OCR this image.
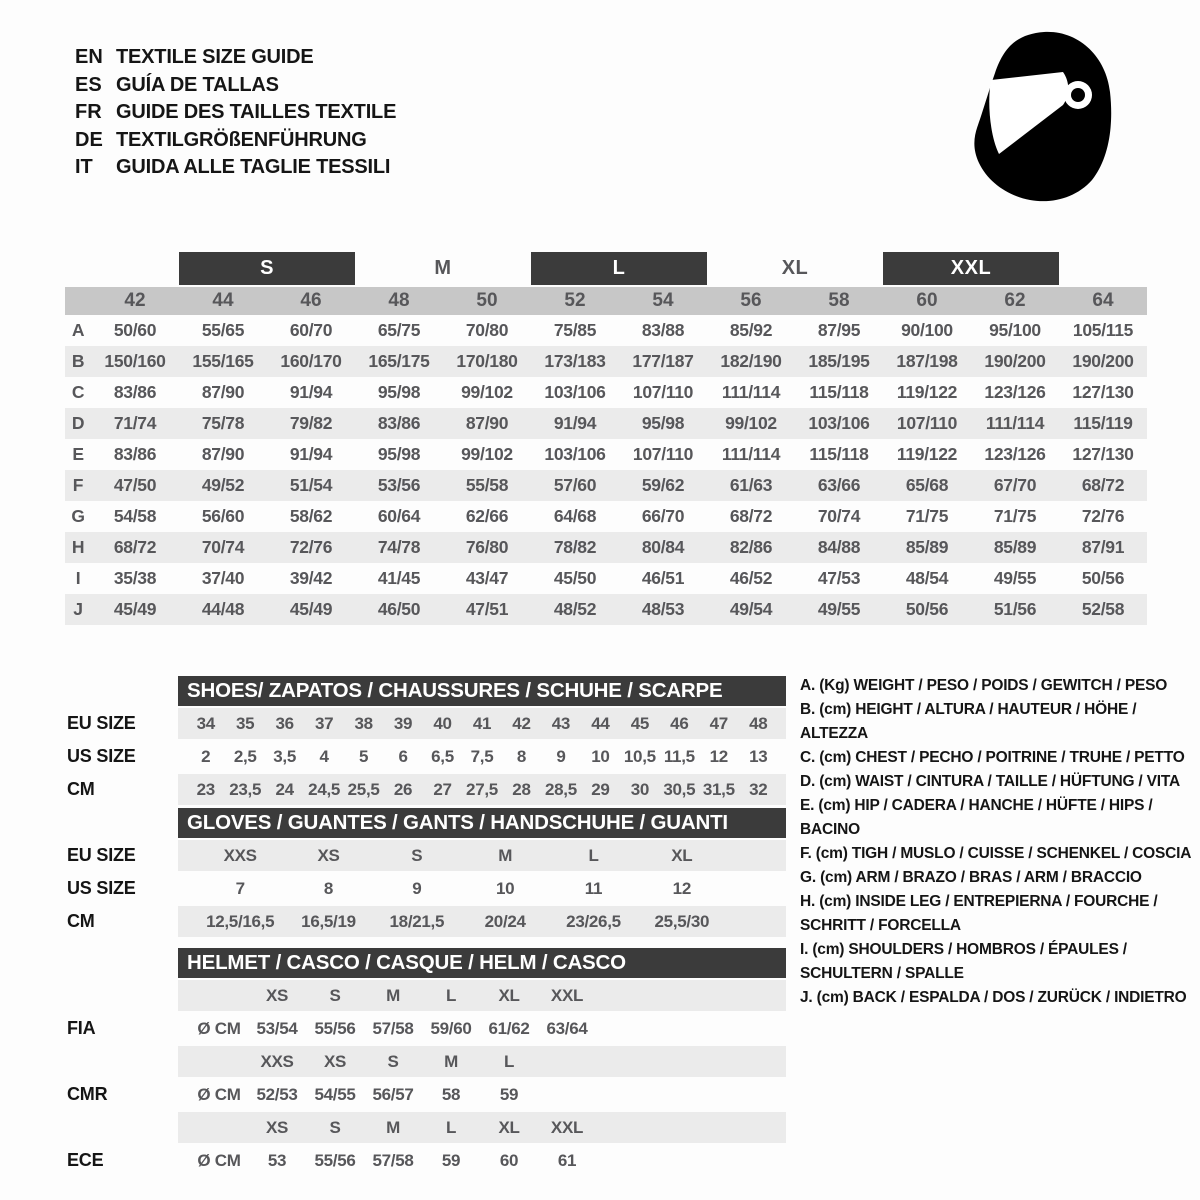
EN TEXTILE SIZE GUIDE
ES GUÍA DE TALLAS
FR GUIDE DES TAILLES TEXTILE
DE TEXTILGRÖßENFÜHRUNG
IT	GUIDA ALLE TAGLIE TESSILI
S	M	L	XL	XXL
42	44	46	48	50	52	54	56	58	60	62	64
A	50/60	55/65	60/70	65/75	70/80	75/85	83/88	85/92	87/95	90/100	95/100	105/115
B	150/160	155/165	160/170	165/175	170/180	173/183	177/187	182/190	185/195	187/198	190/200	190/200
C	83/86	87/90	91/94	95/98	99/102	103/106	107/110	111/114	115/118	119/122	123/126	127/130
D	71/74	75/78	79/82	83/86	87/90	91/94	95/98	99/102	103/106	107/110	111/114	115/119
E	83/86	87/90	91/94	95/98	99/102	103/106	107/110	111/114	115/118	119/122	123/126	127/130
F	47/50	49/52	51/54	53/56	55/58	57/60	59/62	61/63	63/66	65/68	67/70	68/72
G	54/58	56/60	58/62	60/64	62/66	64/68	66/70	68/72	70/74	71/75	71/75	72/76
H	68/72	70/74	72/76	74/78	76/80	78/82	80/84	82/86	84/88	85/89	85/89	87/91
I	35/38	37/40	39/42	41/45	43/47	45/50	46/51	46/52	47/53	48/54	49/55	50/56
J	45/49	44/48	45/49	46/50	47/51	48/52	48/53	49/54	49/55	50/56	51/56	52/58
SHOES/ ZAPATOS / CHAUSSURES / SCHUHE / SCARPE
EU SIZE	34	35	36	37	38	39	40	41	42	43	44	45	46	47	48
US SIZE	2	2,5 3,5	4	5	6	6,5 7,5	8	9	10 10,5 11,5 12	13
CM	23 23,5 24 24,5 25,5 26	27 27,5 28 28,5 29	30 30,5 31,5 32
GLOVES / GUANTES / GANTS / HANDSCHUHE / GUANTI
EU SIZE	XXS	XS	S	M	L	XL
US SIZE	7	8	9	10	11	12
CM	12,5/16,5	16,5/19	18/21,5	20/24	23/26,5	25,5/30
HELMET / CASCO / CASQUE / HELM / CASCO
XS	S	M	L	XL	XXL
FIA	Ø CM 53/54 55/56 57/58 59/60 61/62 63/64
XXS	XS	S	M	L
CMR	Ø CM 52/53 54/55 56/57	58	59
XS	S	M	L	XL	XXL
ECE	Ø CM	53	55/56 57/58	59	60	61
A. (Kg) WEIGHT / PESO / POIDS / GEWITCH / PESO
B. (cm) HEIGHT / ALTURA / HAUTEUR / HÖHE / ALTEZZA
C. (cm) CHEST / PECHO / POITRINE / TRUHE / PETTO
D. (cm) WAIST / CINTURA / TAILLE / HÜFTUNG / VITA
E. (cm) HIP / CADERA / HANCHE / HÜFTE / HIPS / BACINO
F. (cm) TIGH / MUSLO / CUISSE / SCHENKEL / COSCIA
G. (cm) ARM / BRAZO / BRAS / ARM / BRACCIO
H. (cm) INSIDE LEG / ENTREPIERNA / FOURCHE / SCHRITT / FORCELLA
I. (cm) SHOULDERS / HOMBROS / ÉPAULES / SCHULTERN / SPALLE
J. (cm) BACK / ESPALDA / DOS / ZURÜCK / INDIETRO
